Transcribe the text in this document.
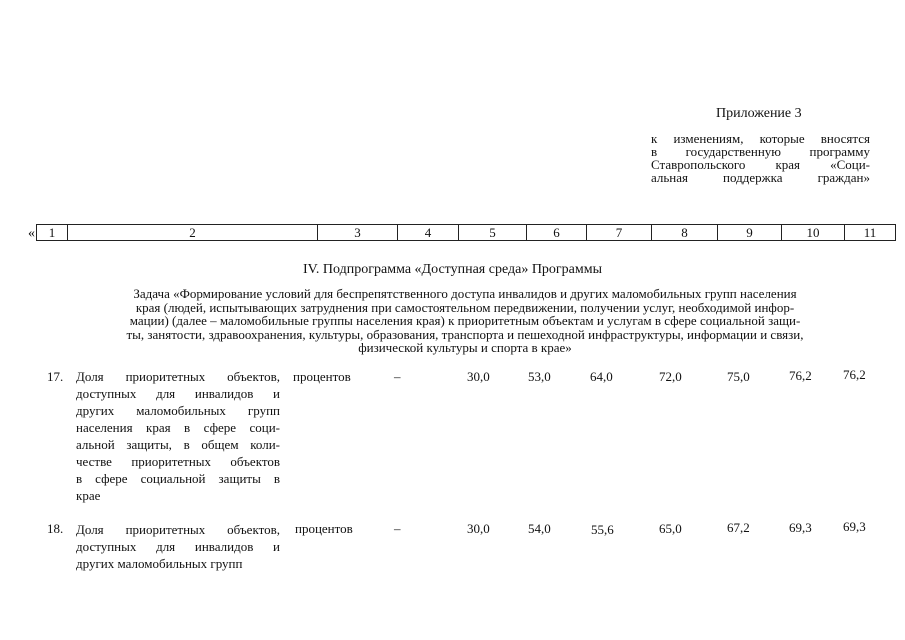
Приложение 3
к изменениям, которые вносятся
в государственную программу
Ставропольского края «Соци-
альная поддержка граждан»
« 1	2	3	4	5	6	7	8	9	10	11
IV. Подпрограмма «Доступная среда» Программы
Задача «Формирование условий для беспрепятственного доступа инвалидов и других маломобильных групп населения
края (людей, испытывающих затруднения при самостоятельном передвижении, получении услуг, необходимой инфор-
мации) (далее – маломобильные группы населения края) к приоритетным объектам и услугам в сфере социальной защи-
ты, занятости, здравоохранения, культуры, образования, транспорта и пешеходной инфраструктуры, информации и связи,
физической культуры и спорта в крае»
17. Доля приоритетных объектов,
доступных для инвалидов и
других маломобильных групп
населения края в сфере соци-
альной защиты, в общем коли-
честве приоритетных объектов
в сфере социальной защиты в
крае
процентов	–	30,0	53,0	64,0	72,0	75,0	76,2 76,2
18. Доля приоритетных объектов,
доступных для инвалидов и
других маломобильных групп
процентов	–	30,0	54,0	55,6	65,0	67,2	69,3 69,3
